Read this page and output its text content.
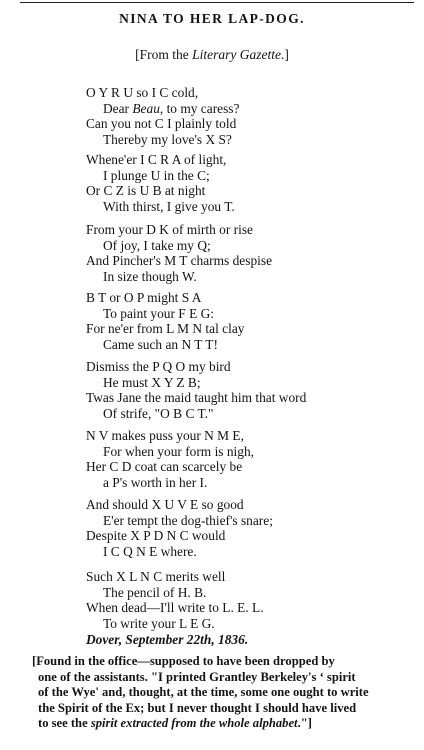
NINA TO HER LAP-DOG.
[From the Literary Gazette.]
O Y R U so I C cold,
Dear Beau, to my caress?
Can you not C I plainly told
Thereby my love's X S?
Whene'er I C R A of light,
I plunge U in the C;
Or C Z is U B at night
With thirst, I give you T.
From your D K of mirth or rise
Of joy, I take my Q;
And Pincher's M T charms despise
In size though W.
B T or O P might S A
To paint your F E G:
For ne'er from L M N tal clay
Came such an N T T!
Dismiss the P Q O my bird
He must X Y Z B;
Twas Jane the maid taught him that word
Of strife, "O B C T."
N V makes puss your N M E,
For when your form is nigh,
Her C D coat can scarcely be
a P's worth in her I.
And should X U V E so good
E'er tempt the dog-thief's snare;
Despite X P D N C would
I C Q N E where.
Such X L N C merits well
The pencil of H. B.
When dead—I'll write to L. E. L.
To write your L E G.
Dover, September 22th, 1836.
[Found in the office—supposed to have been dropped by
one of the assistants. "I printed Grantley Berkeley's ‘ spirit
of the Wye' and, thought, at the time, some one ought to write
the Spirit of the Ex; but I never thought I should have lived
to see the spirit extracted from the whole alphabet."]
